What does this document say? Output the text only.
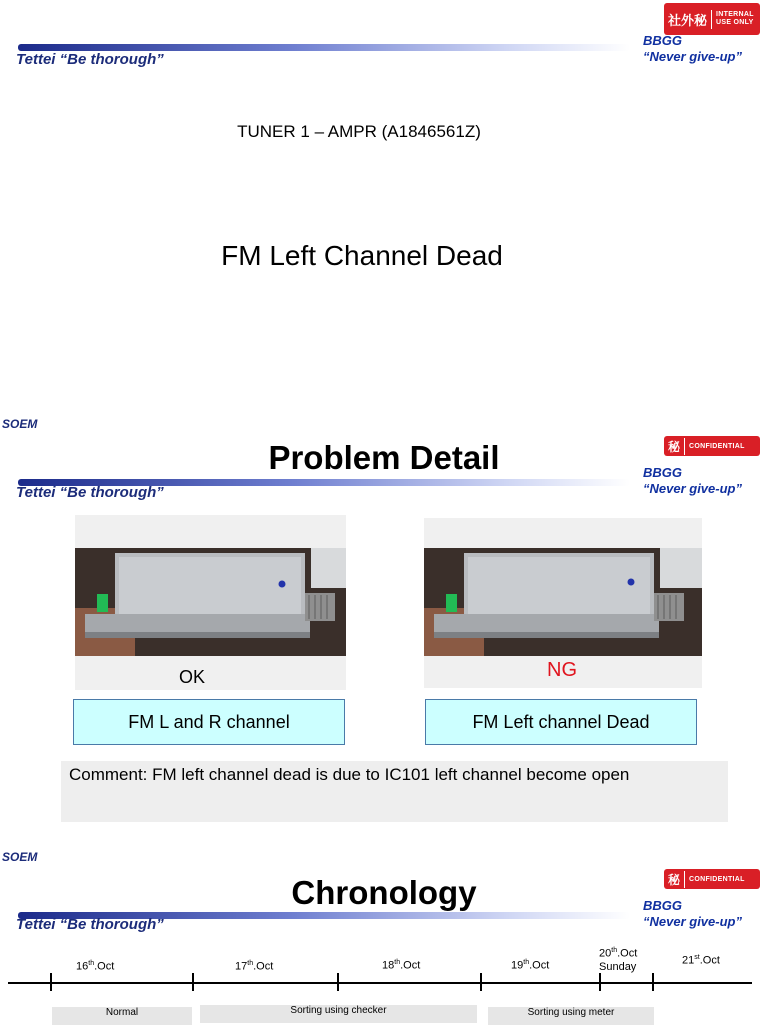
社外秘	INTERNAL
USE ONLY
Tettei “Be thorough”
BBGG
“Never give-up”
TUNER 1 – AMPR (A1846561Z)
FM Left Channel Dead
SOEM
Problem Detail	秘	CONFIDENTIAL
Tettei “Be thorough”
BBGG
“Never give-up”
OK	NG
FM L and R channel	FM Left channel Dead
Comment: FM left channel dead is due to IC101 left channel become open
SOEM
Chronology	秘	CONFIDENTIAL
Tettei “Be thorough”
BBGG
“Never give-up”
16th.Oct	17th.Oct	18th.Oct	19th.Oct
20th.Oct
Sunday	21st.Oct
Normal	Sorting using checker	Sorting using meter
